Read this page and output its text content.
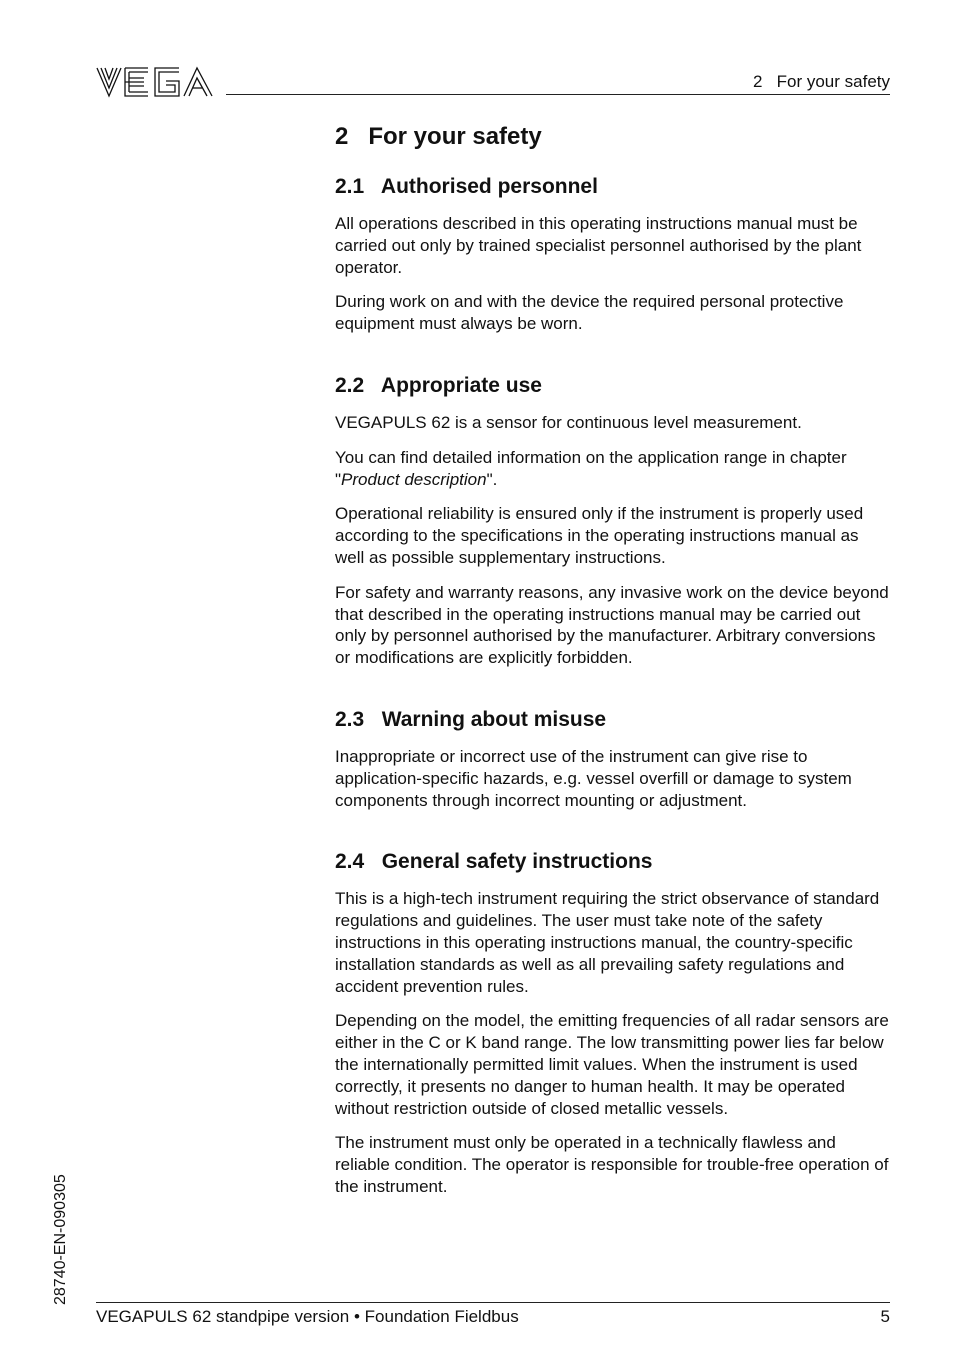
2   For your safety
2   For your safety
2.1   Authorised personnel

All operations described in this operating instructions manual must be carried out only by trained specialist personnel authorised by the plant operator.

During work on and with the device the required personal protective equipment must always be worn.

2.2   Appropriate use

VEGAPULS 62 is a sensor for continuous level measurement.

You can find detailed information on the application range in chapter "Product description".

Operational reliability is ensured only if the instrument is properly used according to the specifications in the operating instructions manual as well as possible supplementary instructions.

For safety and warranty reasons, any invasive work on the device beyond that described in the operating instructions manual may be carried out only by personnel authorised by the manufacturer. Arbitrary conversions or modifications are explicitly forbidden.

2.3   Warning about misuse

Inappropriate or incorrect use of the instrument can give rise to application-specific hazards, e.g. vessel overfill or damage to system components through incorrect mounting or adjustment.

2.4   General safety instructions

This is a high-tech instrument requiring the strict observance of standard regulations and guidelines. The user must take note of the safety instructions in this operating instructions manual, the country-specific installation standards as well as all prevailing safety regulations and accident prevention rules.

Depending on the model, the emitting frequencies of all radar sensors are either in the C or K band range. The low transmitting power lies far below the internationally permitted limit values. When the instrument is used correctly, it presents no danger to human health. It may be operated without restriction outside of closed metallic vessels.

The instrument must only be operated in a technically flawless and reliable condition. The operator is responsible for trouble-free operation of the instrument.

28740-EN-090305
VEGAPULS 62 standpipe version • Foundation Fieldbus	5
